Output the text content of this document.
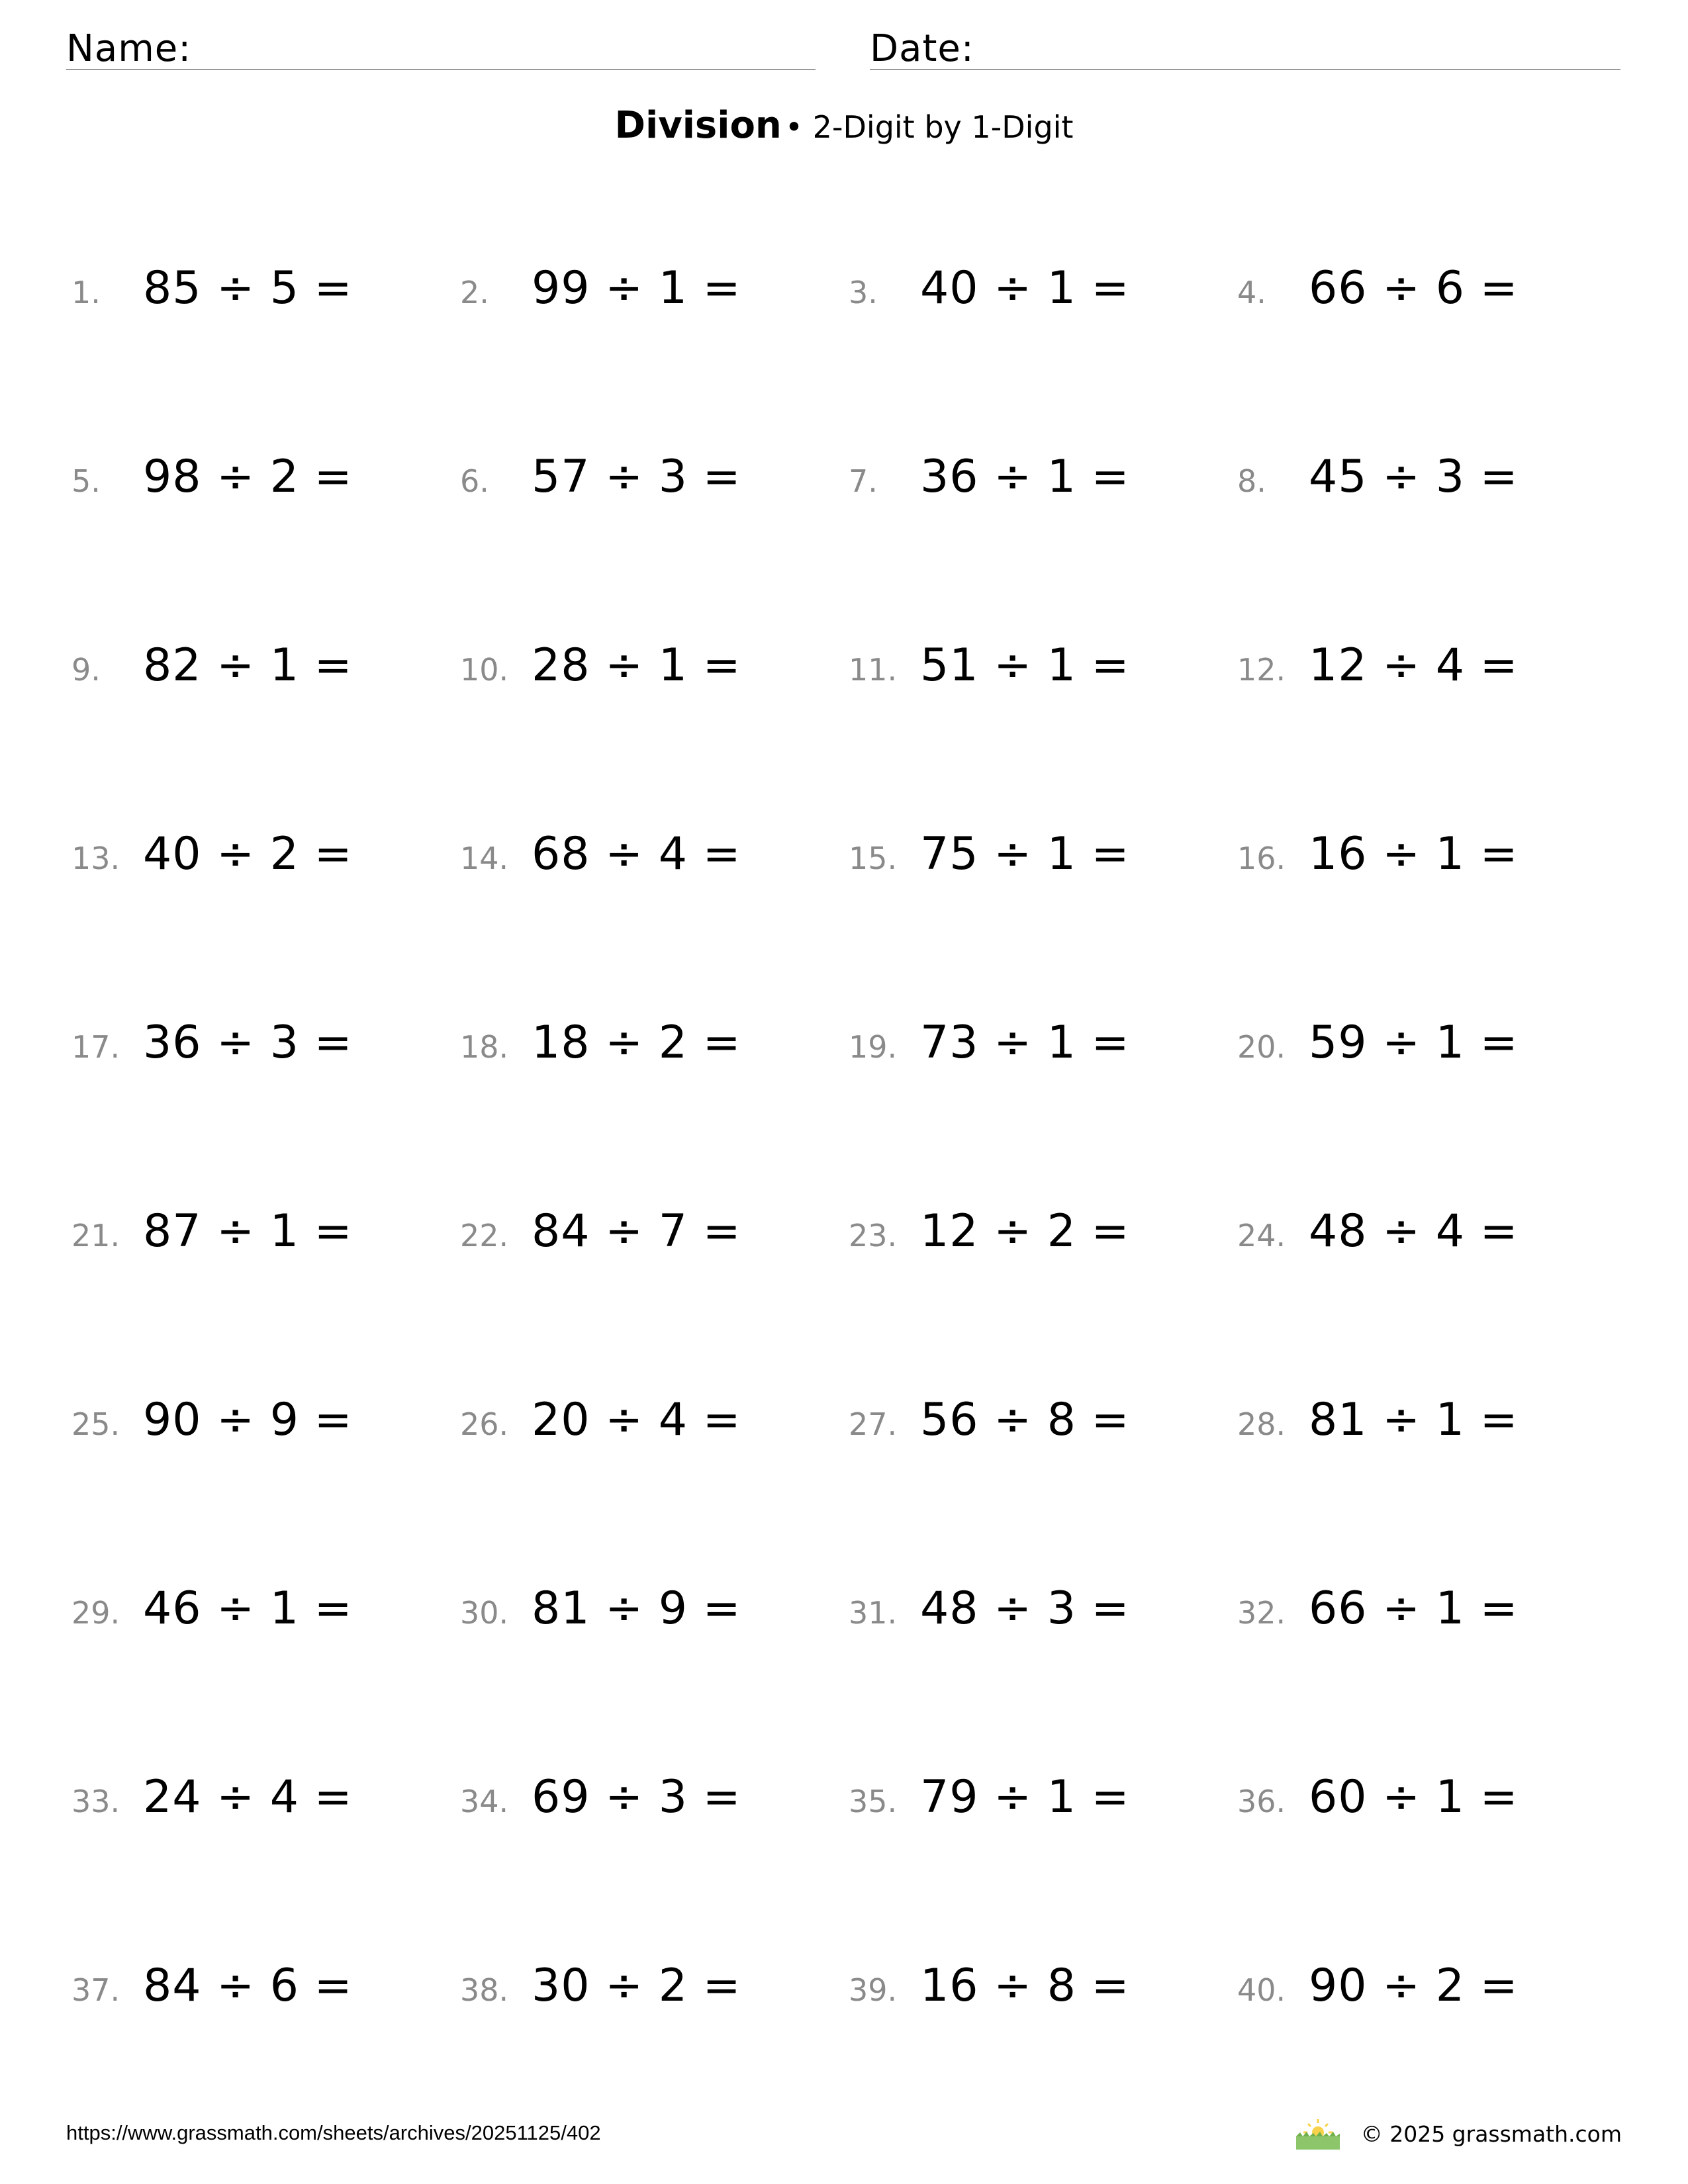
Name:	Date:
Division • 2-Digit by 1-Digit
1. 85 ÷ 5 =	2. 99 ÷ 1 =	3. 40 ÷ 1 =	4. 66 ÷ 6 =
5. 98 ÷ 2 =	6. 57 ÷ 3 =	7. 36 ÷ 1 =	8. 45 ÷ 3 =
9. 82 ÷ 1 =	10. 28 ÷ 1 =	11. 51 ÷ 1 =	12. 12 ÷ 4 =
13. 40 ÷ 2 =	14. 68 ÷ 4 =	15. 75 ÷ 1 =	16. 16 ÷ 1 =
17. 36 ÷ 3 =	18. 18 ÷ 2 =	19. 73 ÷ 1 =	20. 59 ÷ 1 =
21. 87 ÷ 1 =	22. 84 ÷ 7 =	23. 12 ÷ 2 =	24. 48 ÷ 4 =
25. 90 ÷ 9 =	26. 20 ÷ 4 =	27. 56 ÷ 8 =	28. 81 ÷ 1 =
29. 46 ÷ 1 =	30. 81 ÷ 9 =	31. 48 ÷ 3 =	32. 66 ÷ 1 =
33. 24 ÷ 4 =	34. 69 ÷ 3 =	35. 79 ÷ 1 =	36. 60 ÷ 1 =
37. 84 ÷ 6 =	38. 30 ÷ 2 =	39. 16 ÷ 8 =	40. 90 ÷ 2 =
https://www.grassmath.com/sheets/archives/20251125/402	© 2025 grassmath.com
